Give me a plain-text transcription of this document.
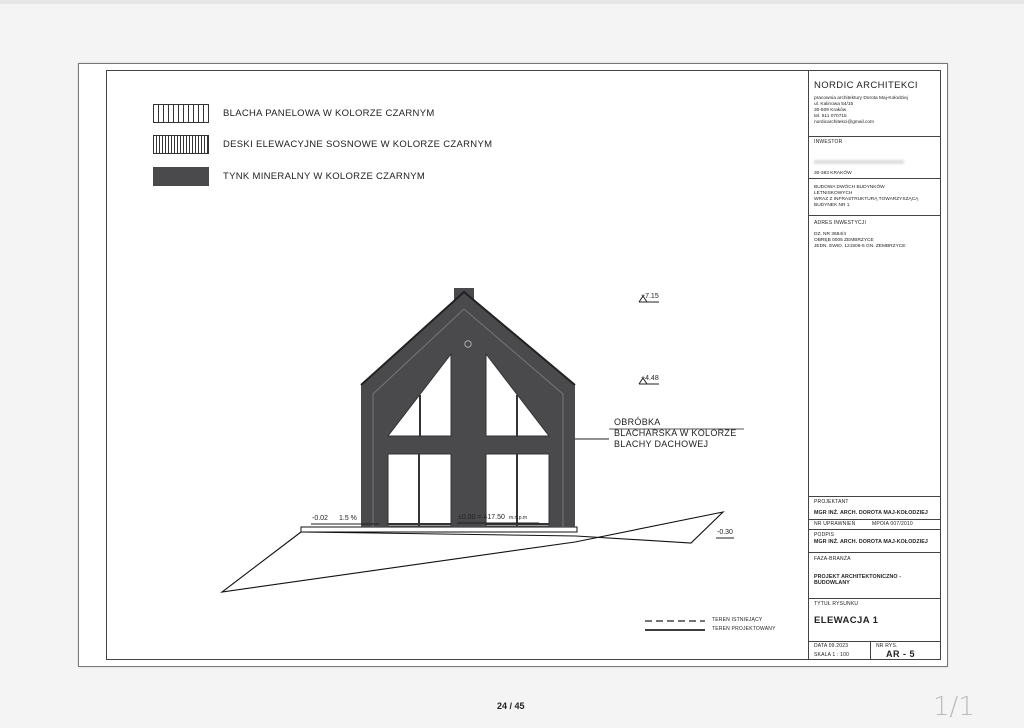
BLACHA PANELOWA W KOLORZE CZARNYM
DESKI ELEWACYJNE SOSNOWE W KOLORZE CZARNYM
TYNK MINERALNY W KOLORZE CZARNYM
+7.15
+4.48
-0.02 1.5 %	±0.00 = 417.50 m.n.p.m
-0.30
OBRÓBKA
BLACHARSKA W KOLORZE
BLACHY DACHOWEJ
TEREN ISTNIEJĄCY
TEREN PROJEKTOWANY
NORDIC ARCHITEKCI
pracownia architektury Dorota Maj-Kołodziej
ul. Kalinowa 54/15
30-509 Kraków
tel. 511 070715
nordicarchitekci@gmail.com
INWESTOR
30-383 KRAKÓW
BUDOWA DWÓCH BUDYNKÓW
LETNISKOWYCH
WRAZ Z INFRASTRUKTURĄ TOWARZYSZĄCĄ
BUDYNEK NR 1
ADRES INWESTYCJI
DZ. NR 3684/4
OBRĘB 0005 ZEMBRZYCE
JEDN. EWID. 121506-5 GN. ZEMBRZYCE
PROJEKTANT
MGR INŻ. ARCH. DOROTA MAJ-KOŁODZIEJ
NR UPRAWNIEŃ	MPOIA 007/2010
PODPIS
MGR INŻ. ARCH. DOROTA MAJ-KOŁODZIEJ
FAZA-BRANŻA
PROJEKT ARCHITEKTONICZNO -
BUDOWLANY
TYTUŁ RYSUNKU
ELEWACJA 1
DATA 09.2023
SKALA 1 : 100
NR RYS.
AR - 5
24 / 45	1/1
